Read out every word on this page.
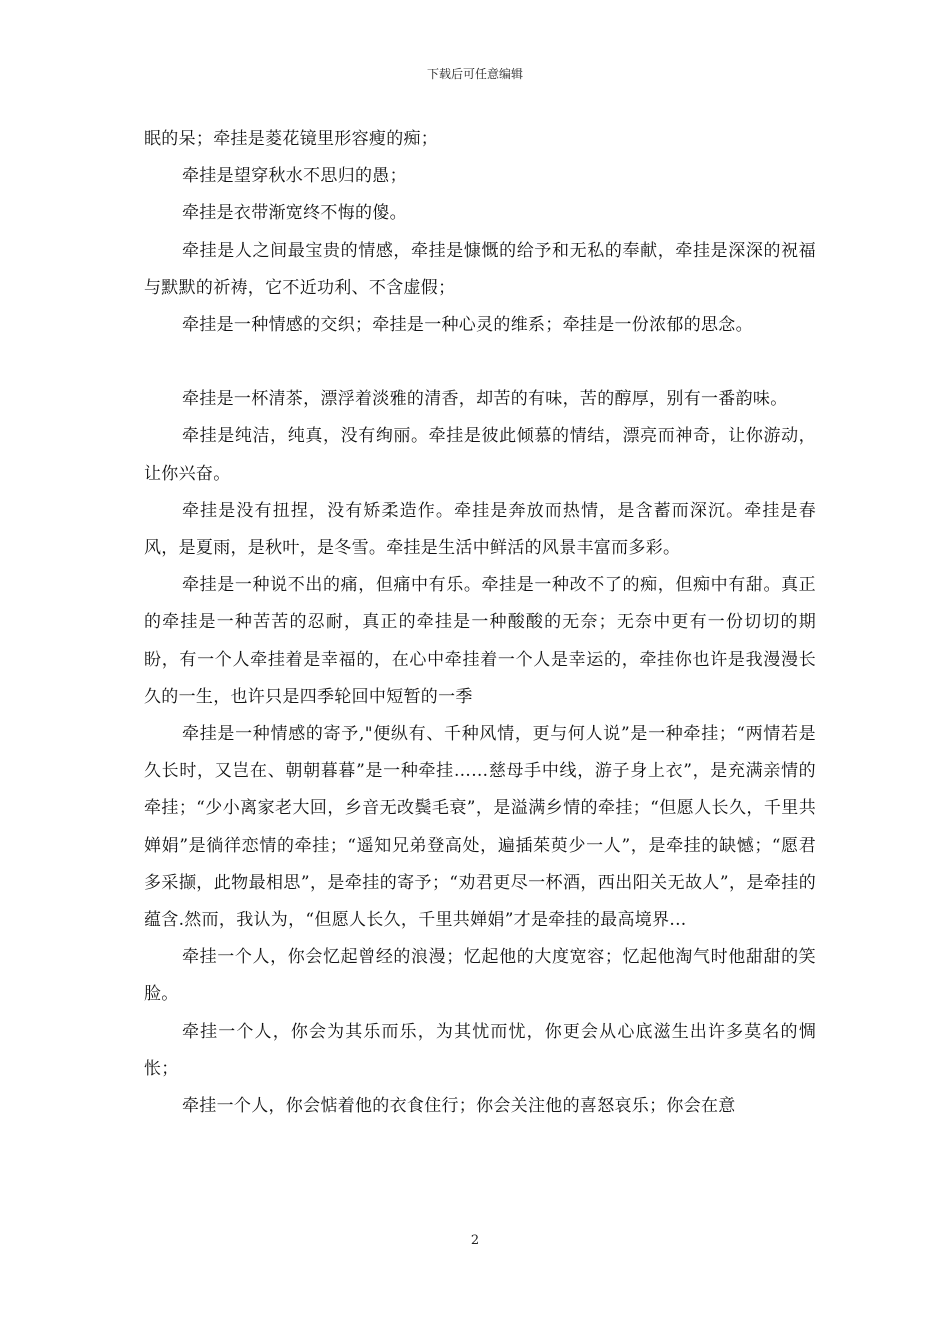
下载后可任意编辑

眠的呆；牵挂是菱花镜里形容瘦的痴；

牵挂是望穿秋水不思归的愚；

牵挂是衣带渐宽终不悔的傻。

牵挂是人之间最宝贵的情感，牵挂是慷慨的给予和无私的奉献，牵挂是深深的祝福与默默的祈祷，它不近功利、不含虚假；

牵挂是一种情感的交织；牵挂是一种心灵的维系；牵挂是一份浓郁的思念。

牵挂是一杯清茶，漂浮着淡雅的清香，却苦的有味，苦的醇厚，别有一番韵味。

牵挂是纯洁，纯真，没有绚丽。牵挂是彼此倾慕的情结，漂亮而神奇，让你游动，让你兴奋。

牵挂是没有扭捏，没有矫柔造作。牵挂是奔放而热情，是含蓄而深沉。牵挂是春风，是夏雨，是秋叶，是冬雪。牵挂是生活中鲜活的风景丰富而多彩。

牵挂是一种说不出的痛，但痛中有乐。牵挂是一种改不了的痴，但痴中有甜。真正的牵挂是一种苦苦的忍耐，真正的牵挂是一种酸酸的无奈；无奈中更有一份切切的期盼，有一个人牵挂着是幸福的，在心中牵挂着一个人是幸运的，牵挂你也许是我漫漫长久的一生，也许只是四季轮回中短暂的一季

牵挂是一种情感的寄予,"便纵有、千种风情，更与何人说”是一种牵挂；“两情若是久长时，又岂在、朝朝暮暮”是一种牵挂……慈母手中线，游子身上衣”，是充满亲情的牵挂；“少小离家老大回，乡音无改鬓毛衰”，是溢满乡情的牵挂；“但愿人长久，千里共婵娟”是徜徉恋情的牵挂；“遥知兄弟登高处，遍插茱萸少一人”，是牵挂的缺憾；“愿君多采撷，此物最相思”，是牵挂的寄予；“劝君更尽一杯酒，西出阳关无故人”，是牵挂的蕴含.然而，我认为，“但愿人长久，千里共婵娟”才是牵挂的最高境界...

牵挂一个人，你会忆起曾经的浪漫；忆起他的大度宽容；忆起他淘气时他甜甜的笑脸。

牵挂一个人，你会为其乐而乐，为其忧而忧，你更会从心底滋生出许多莫名的惆怅；

牵挂一个人，你会惦着他的衣食住行；你会关注他的喜怒哀乐；你会在意

2
